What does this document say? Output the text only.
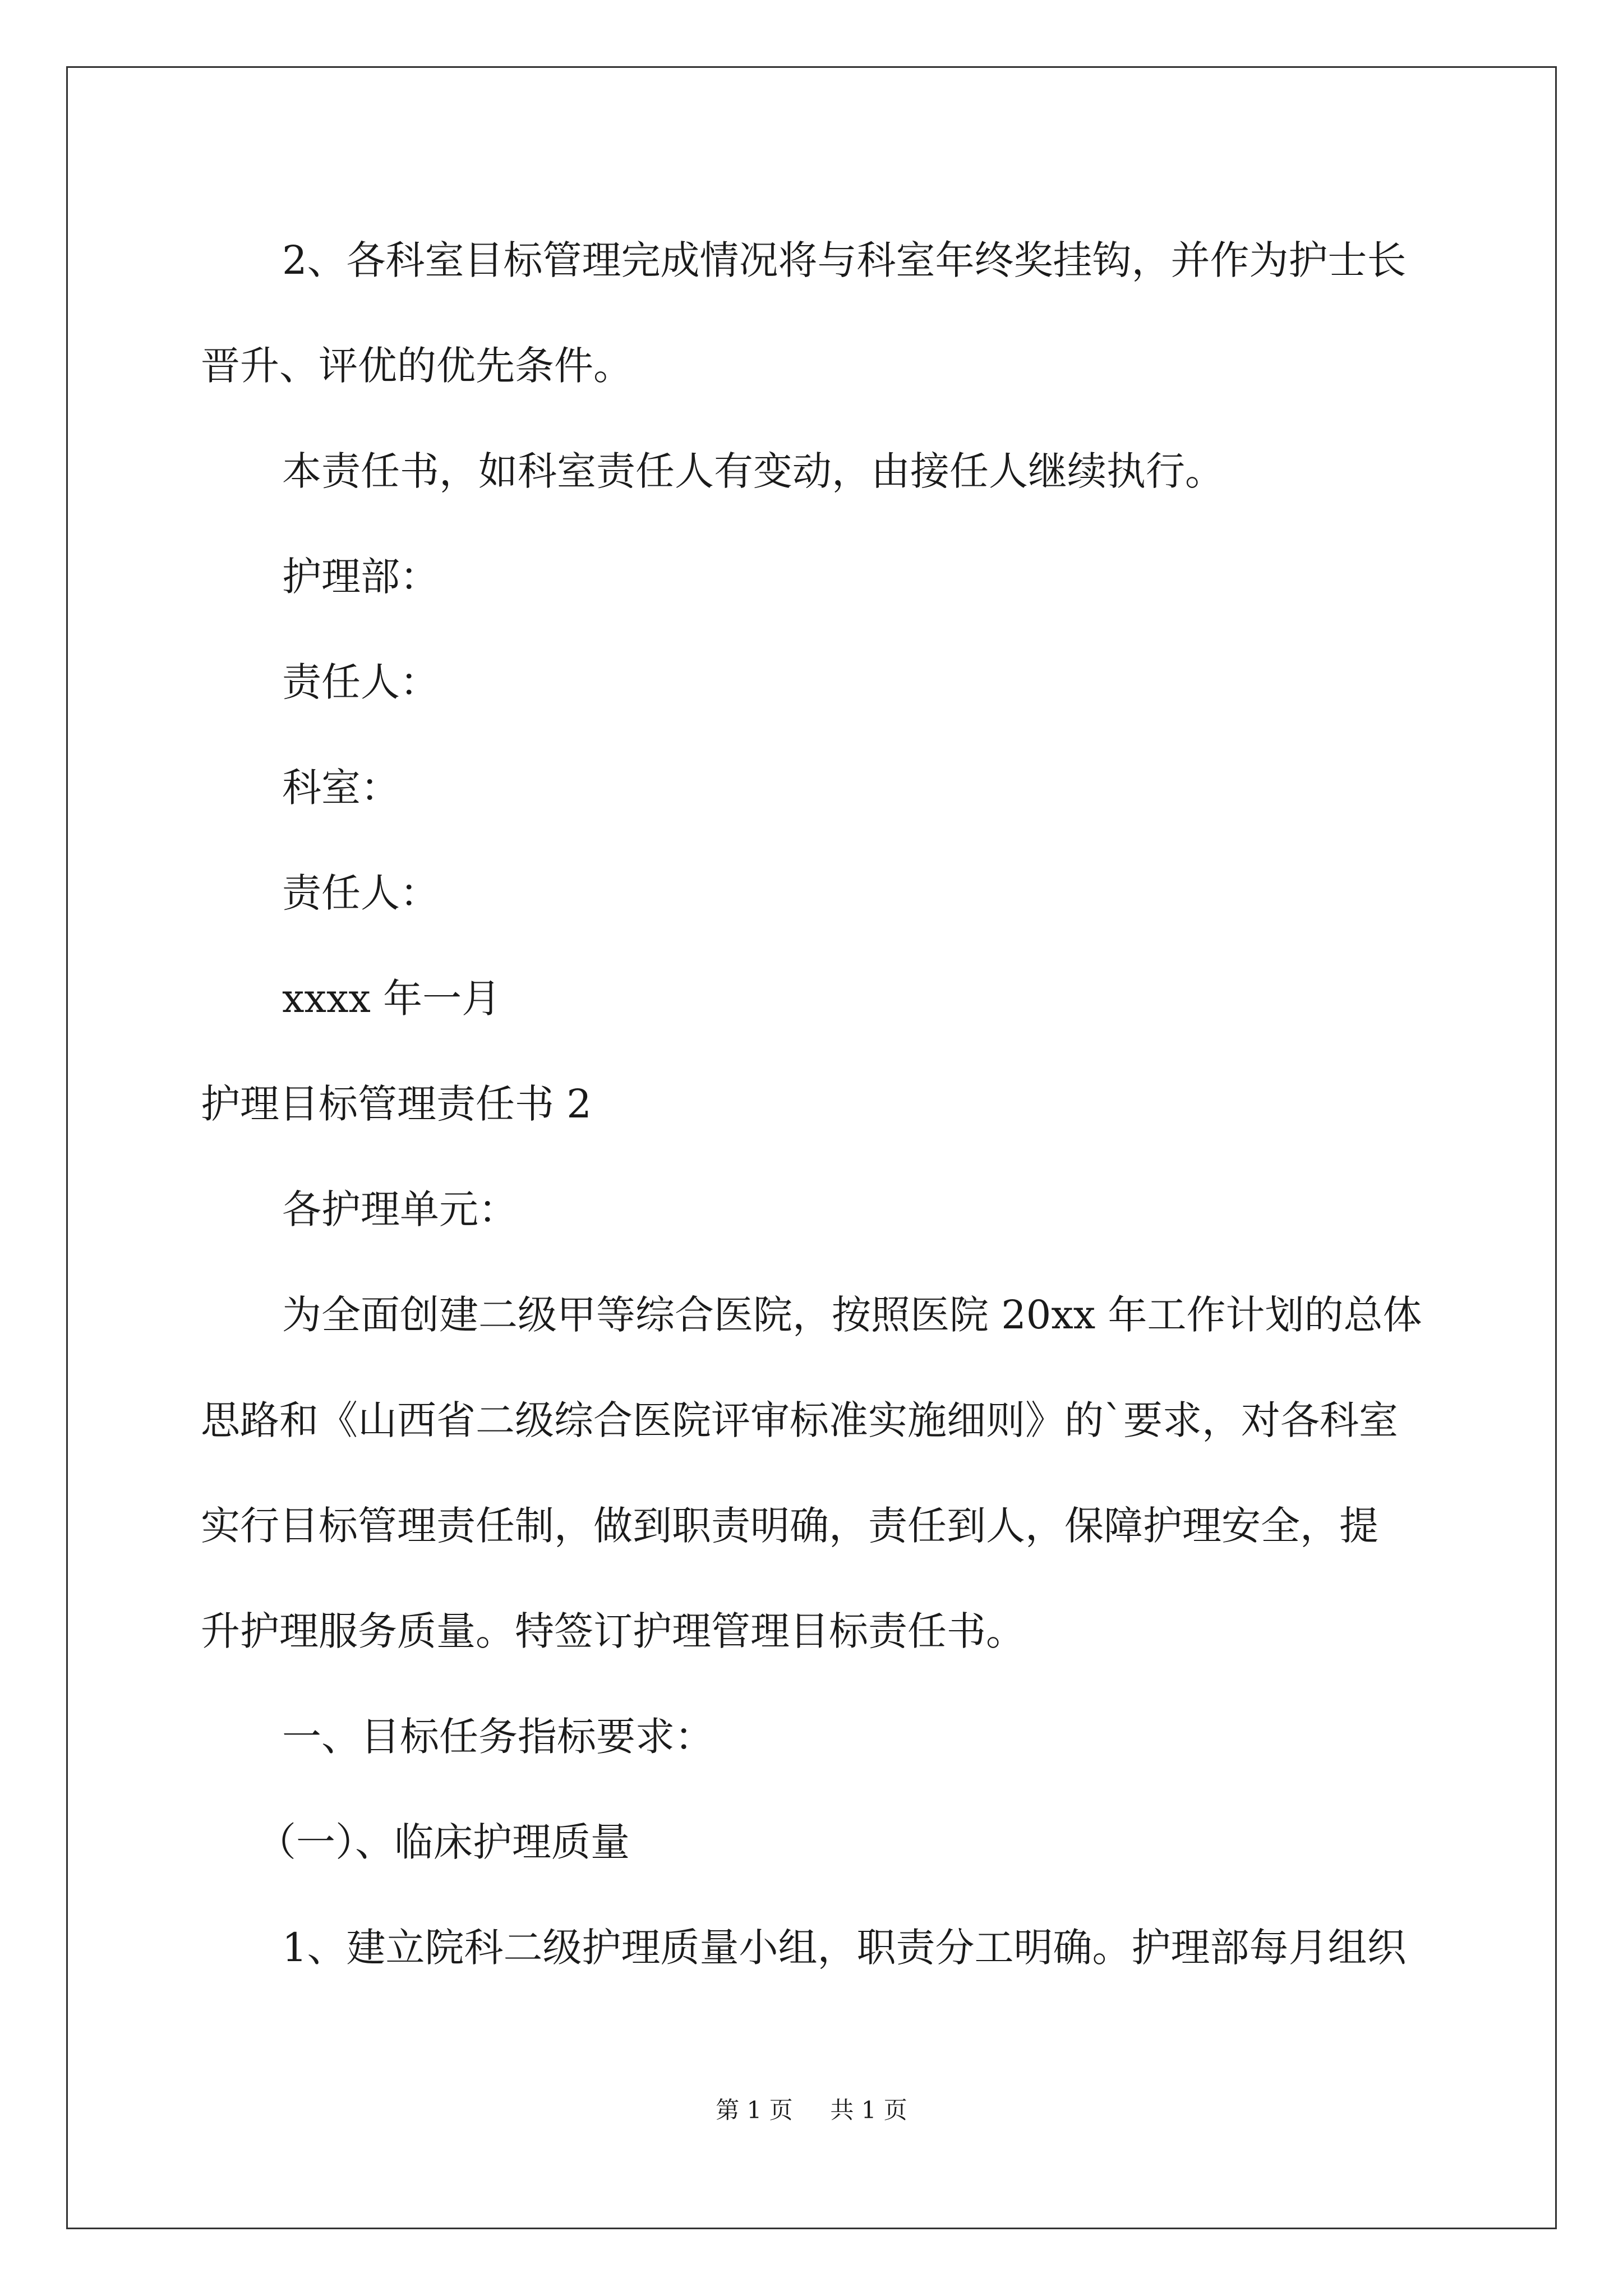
2、各科室目标管理完成情况将与科室年终奖挂钩，并作为护士长

晋升、评优的优先条件。

本责任书，如科室责任人有变动，由接任人继续执行。

护理部：

责任人：

科室：

责任人：

xxxx 年一月

护理目标管理责任书 2

各护理单元：

为全面创建二级甲等综合医院，按照医院 20xx 年工作计划的总体

思路和《山西省二级综合医院评审标准实施细则》的`要求，对各科室

实行目标管理责任制，做到职责明确，责任到人，保障护理安全，提

升护理服务质量。特签订护理管理目标责任书。

一、目标任务指标要求：

（一）、临床护理质量

1、建立院科二级护理质量小组，职责分工明确。护理部每月组织

第 1 页 共 1 页
